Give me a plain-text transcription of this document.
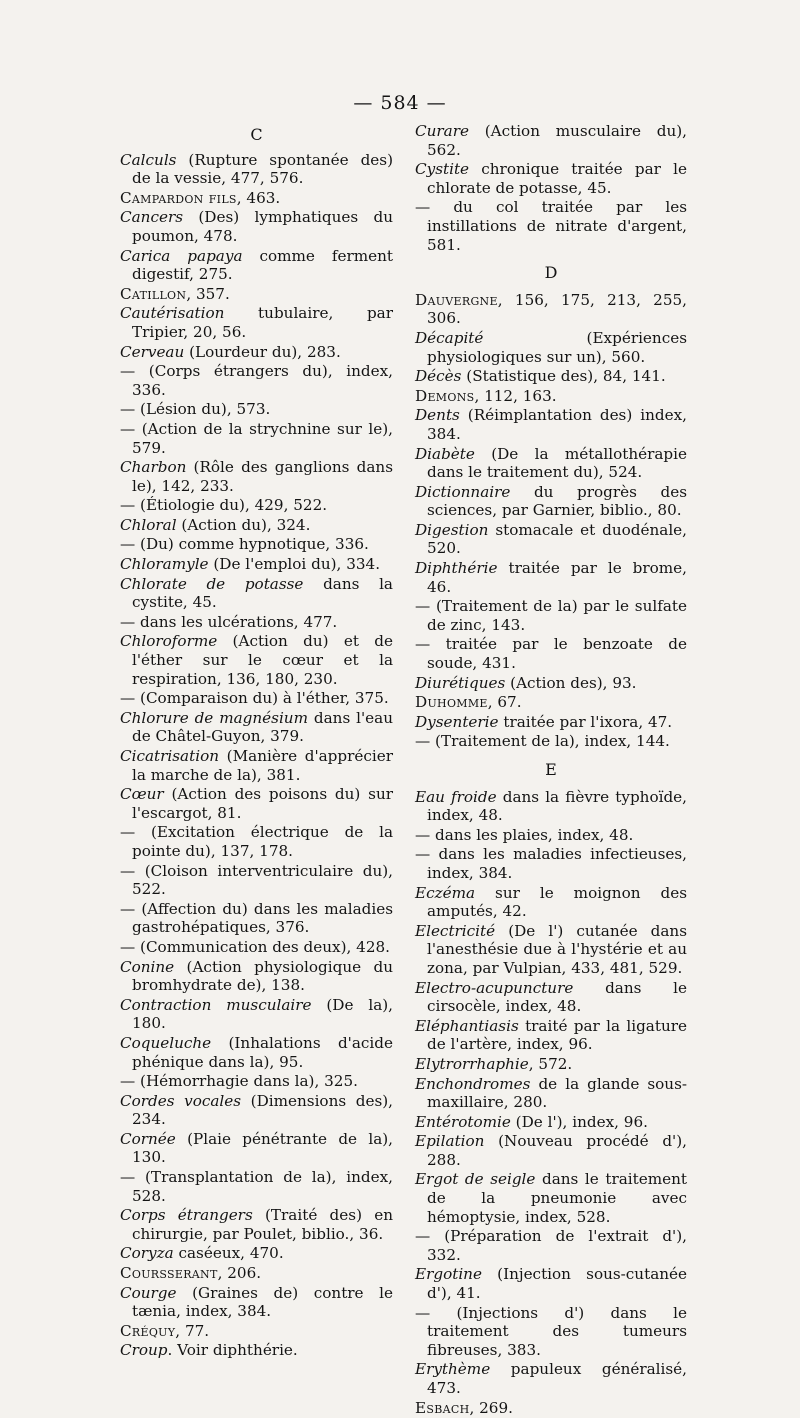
— 584 —
C
Calculs (Rupture spontanée des) de la vessie, 477, 576.
Campardon fils, 463.
Cancers (Des) lymphatiques du poumon, 478.
Carica papaya comme ferment digestif, 275.
Catillon, 357.
Cautérisation tubulaire, par Tripier, 20, 56.
Cerveau (Lourdeur du), 283.
— (Corps étrangers du), index, 336.
— (Lésion du), 573.
— (Action de la strychnine sur le), 579.
Charbon (Rôle des ganglions dans le), 142, 233.
— (Étiologie du), 429, 522.
Chloral (Action du), 324.
— (Du) comme hypnotique, 336.
Chloramyle (De l'emploi du), 334.
Chlorate de potasse dans la cystite, 45.
— dans les ulcérations, 477.
Chloroforme (Action du) et de l'éther sur le cœur et la respiration, 136, 180, 230.
— (Comparaison du) à l'éther, 375.
Chlorure de magnésium dans l'eau de Châtel-Guyon, 379.
Cicatrisation (Manière d'apprécier la marche de la), 381.
Cœur (Action des poisons du) sur l'escargot, 81.
— (Excitation électrique de la pointe du), 137, 178.
— (Cloison interventriculaire du), 522.
— (Affection du) dans les maladies gastrohépatiques, 376.
— (Communication des deux), 428.
Conine (Action physiologique du bromhydrate de), 138.
Contraction musculaire (De la), 180.
Coqueluche (Inhalations d'acide phénique dans la), 95.
— (Hémorrhagie dans la), 325.
Cordes vocales (Dimensions des), 234.
Cornée (Plaie pénétrante de la), 130.
— (Transplantation de la), index, 528.
Corps étrangers (Traité des) en chirurgie, par Poulet, biblio., 36.
Coryza caséeux, 470.
Coursserant, 206.
Courge (Graines de) contre le tænia, index, 384.
Créquy, 77.
Croup. Voir diphthérie.
Curare (Action musculaire du), 562.
Cystite chronique traitée par le chlorate de potasse, 45.
— du col traitée par les instillations de nitrate d'argent, 581.
D
Dauvergne, 156, 175, 213, 255, 306.
Décapité (Expériences physiologiques sur un), 560.
Décès (Statistique des), 84, 141.
Demons, 112, 163.
Dents (Réimplantation des) index, 384.
Diabète (De la métallothérapie dans le traitement du), 524.
Dictionnaire du progrès des sciences, par Garnier, biblio., 80.
Digestion stomacale et duodénale, 520.
Diphthérie traitée par le brome, 46.
— (Traitement de la) par le sulfate de zinc, 143.
— traitée par le benzoate de soude, 431.
Diurétiques (Action des), 93.
Duhomme, 67.
Dysenterie traitée par l'ixora, 47.
— (Traitement de la), index, 144.
E
Eau froide dans la fièvre typhoïde, index, 48.
— dans les plaies, index, 48.
— dans les maladies infectieuses, index, 384.
Eczéma sur le moignon des amputés, 42.
Electricité (De l') cutanée dans l'anesthésie due à l'hystérie et au zona, par Vulpian, 433, 481, 529.
Electro-acupuncture dans le cirsocèle, index, 48.
Eléphantiasis traité par la ligature de l'artère, index, 96.
Elytrorrhaphie, 572.
Enchondromes de la glande sous-maxillaire, 280.
Entérotomie (De l'), index, 96.
Epilation (Nouveau procédé d'), 288.
Ergot de seigle dans le traitement de la pneumonie avec hémoptysie, index, 528.
— (Préparation de l'extrait d'), 332.
Ergotine (Injection sous-cutanée d'), 41.
— (Injections d') dans le traitement des tumeurs fibreuses, 383.
Erythème papuleux généralisé, 473.
Esbach, 269.
